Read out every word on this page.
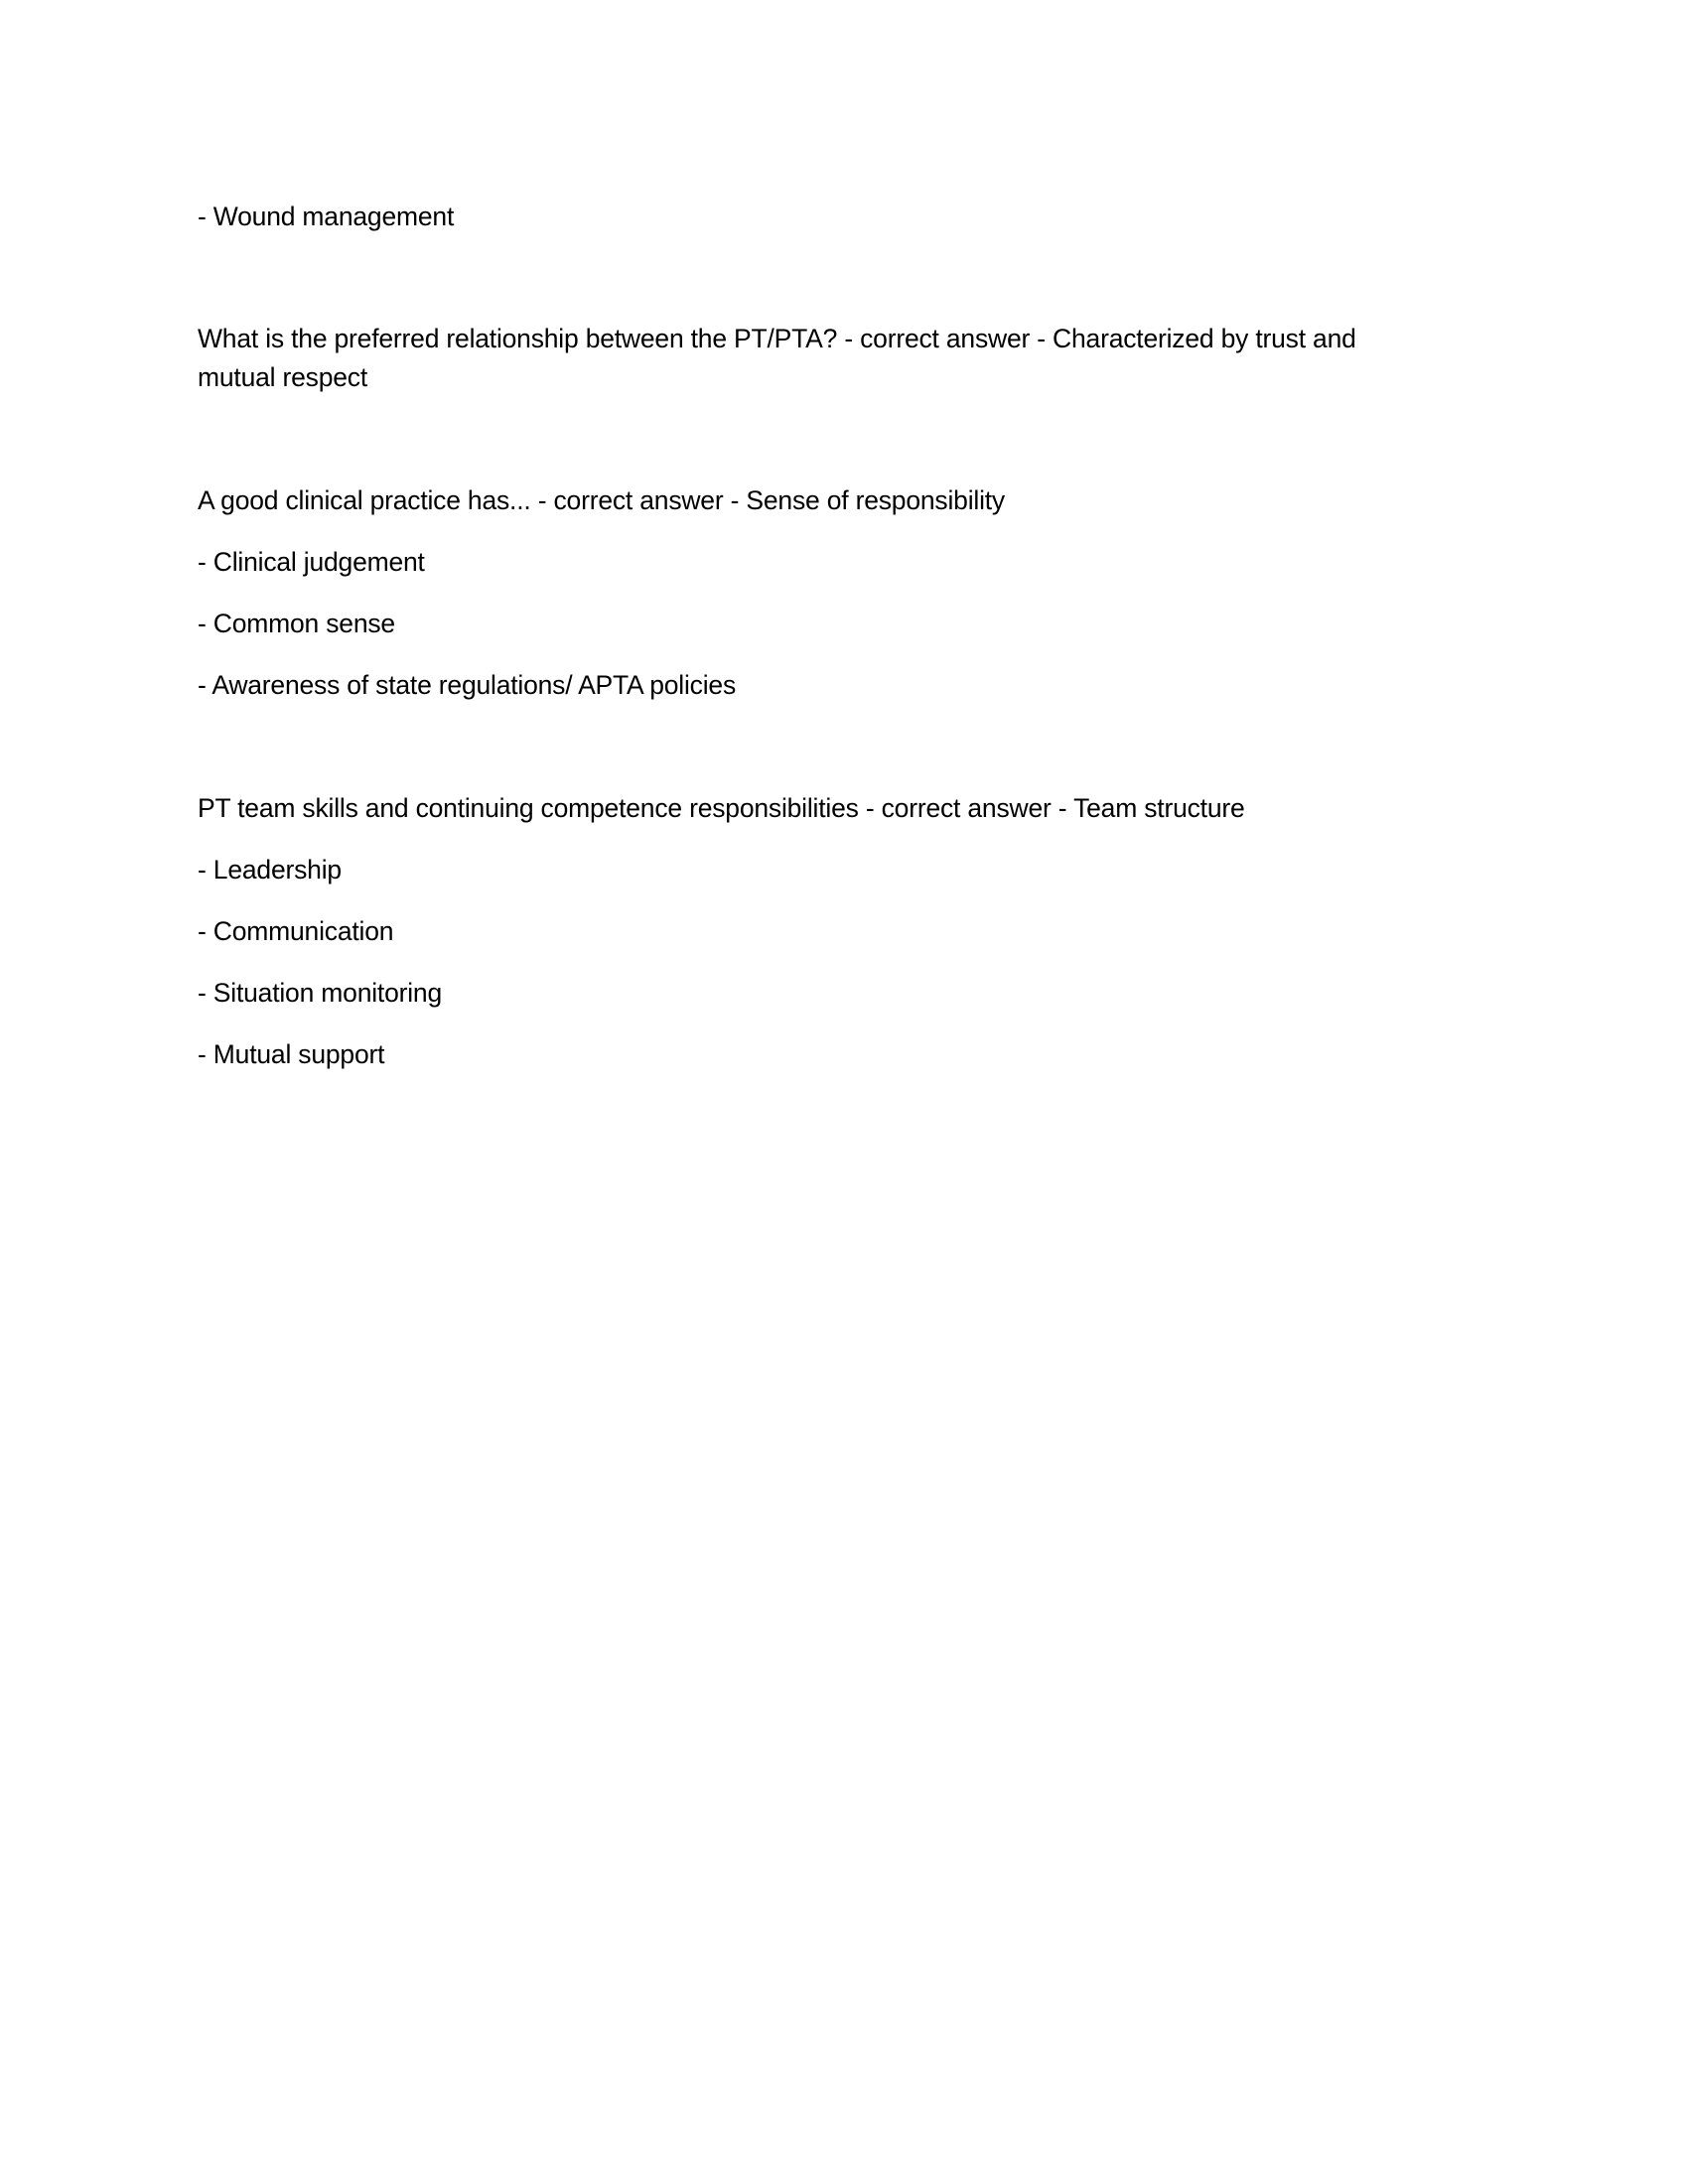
- Wound management
What is the preferred relationship between the PT/PTA? - correct answer - Characterized by trust and
mutual respect
A good clinical practice has... - correct answer - Sense of responsibility
- Clinical judgement
- Common sense
- Awareness of state regulations/ APTA policies
PT team skills and continuing competence responsibilities - correct answer - Team structure
- Leadership
- Communication
- Situation monitoring
- Mutual support
